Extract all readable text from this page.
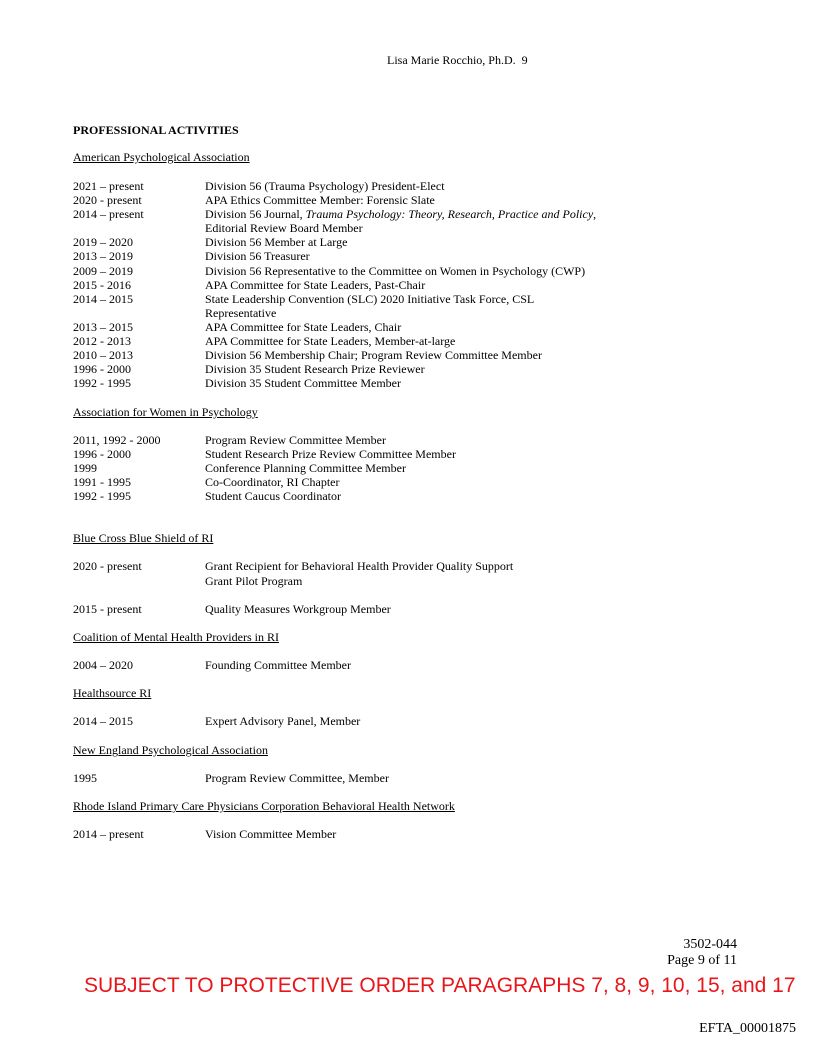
Lisa Marie Rocchio, Ph.D.  9
PROFESSIONAL ACTIVITIES
American Psychological Association
2021 – present	Division 56 (Trauma Psychology) President-Elect
2020 - present	APA Ethics Committee Member: Forensic Slate
2014 – present	Division 56 Journal, Trauma Psychology: Theory, Research, Practice and Policy,
Editorial Review Board Member
2019 – 2020	Division 56 Member at Large
2013 – 2019	Division 56 Treasurer
2009 – 2019	Division 56 Representative to the Committee on Women in Psychology (CWP)
2015 - 2016	APA Committee for State Leaders, Past-Chair
2014 – 2015	State Leadership Convention (SLC) 2020 Initiative Task Force, CSL
Representative
2013 – 2015	APA Committee for State Leaders, Chair
2012 - 2013	APA Committee for State Leaders, Member-at-large
2010 – 2013	Division 56 Membership Chair; Program Review Committee Member
1996 - 2000	Division 35 Student Research Prize Reviewer
1992 - 1995	Division 35 Student Committee Member
Association for Women in Psychology
2011, 1992 - 2000	Program Review Committee Member
1996 - 2000	Student Research Prize Review Committee Member
1999	Conference Planning Committee Member
1991 - 1995	Co-Coordinator, RI Chapter
1992 - 1995	Student Caucus Coordinator
Blue Cross Blue Shield of RI
2020 - present	Grant Recipient for Behavioral Health Provider Quality Support
Grant Pilot Program
2015 - present	Quality Measures Workgroup Member
Coalition of Mental Health Providers in RI
2004 – 2020	Founding Committee Member
Healthsource RI
2014 – 2015	Expert Advisory Panel, Member
New England Psychological Association
1995	Program Review Committee, Member
Rhode Island Primary Care Physicians Corporation Behavioral Health Network
2014 – present	Vision Committee Member
3502-044
Page 9 of 11
SUBJECT TO PROTECTIVE ORDER PARAGRAPHS 7, 8, 9, 10, 15, and 17
EFTA_00001875
